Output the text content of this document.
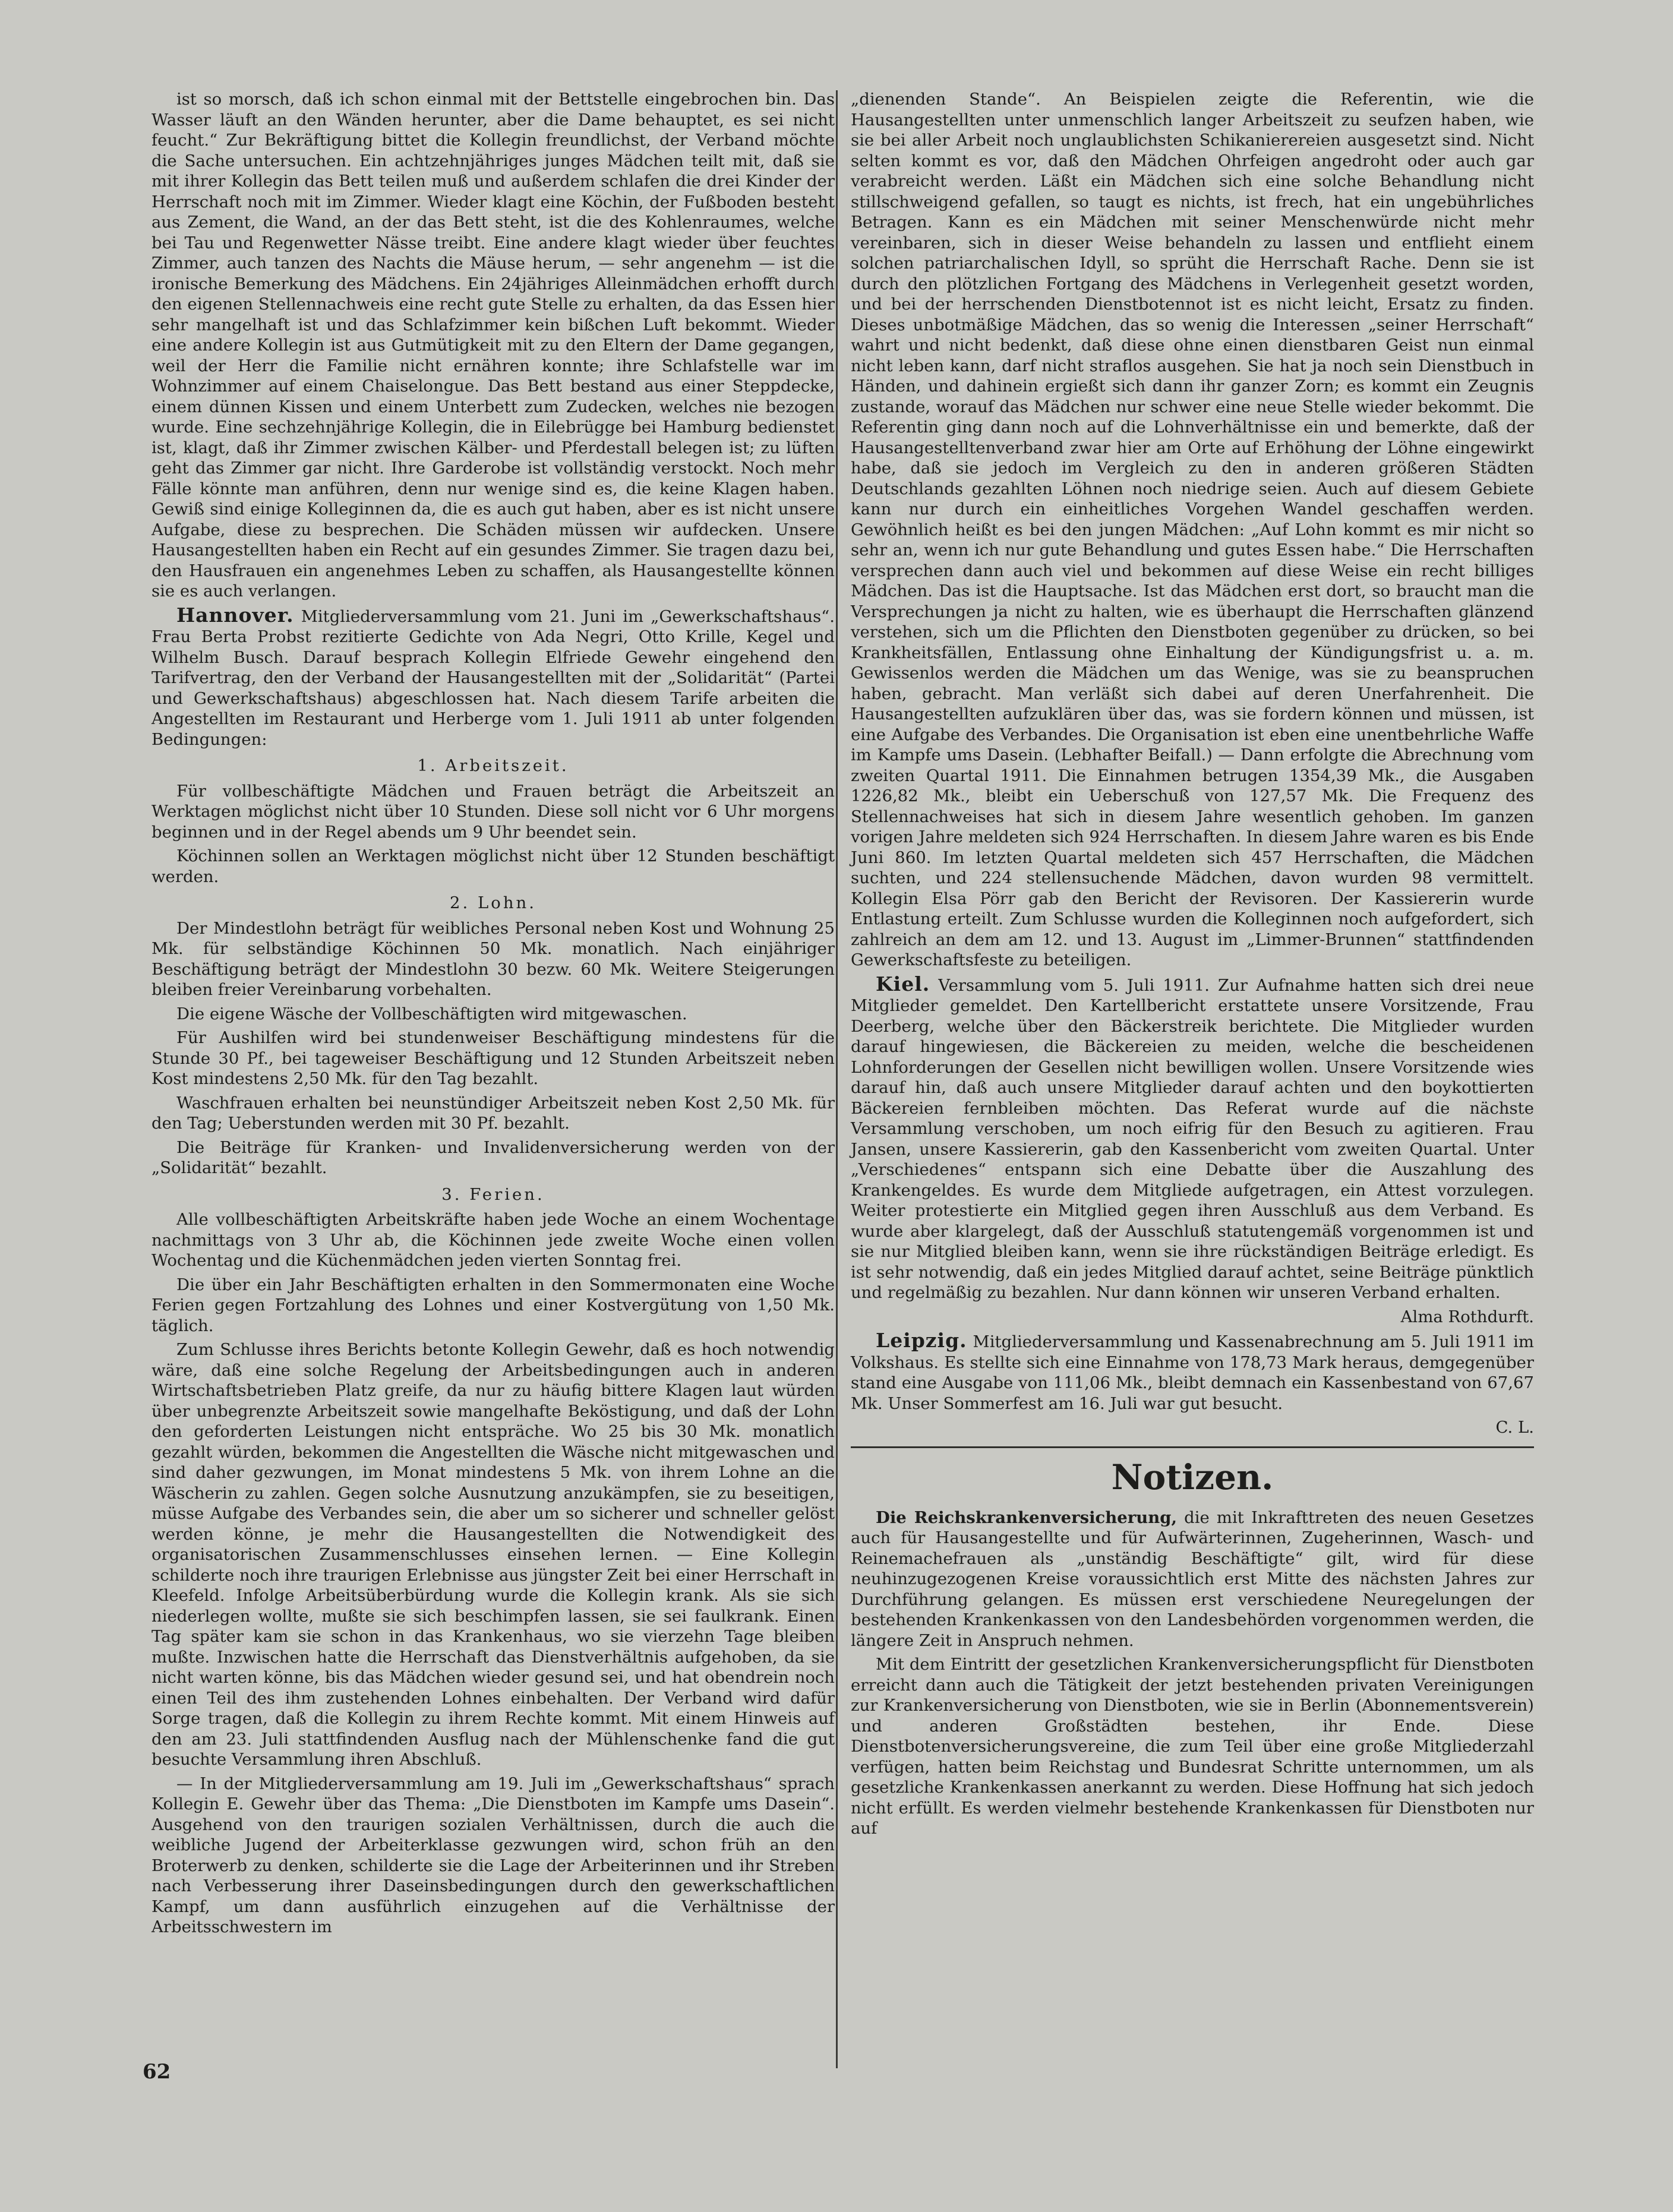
ist so morsch, daß ich schon einmal mit der Bettstelle eingebrochen bin. Das Wasser läuft an den Wänden herunter, aber die Dame behauptet, es sei nicht feucht.“ Zur Bekräftigung bittet die Kollegin freundlichst, der Verband möchte die Sache untersuchen. Ein achtzehnjähriges junges Mädchen teilt mit, daß sie mit ihrer Kollegin das Bett teilen muß und außerdem schlafen die drei Kinder der Herrschaft noch mit im Zimmer. Wieder klagt eine Köchin, der Fußboden besteht aus Zement, die Wand, an der das Bett steht, ist die des Kohlenraumes, welche bei Tau und Regenwetter Nässe treibt. Eine andere klagt wieder über feuchtes Zimmer, auch tanzen des Nachts die Mäuse herum, — sehr angenehm — ist die ironische Bemerkung des Mädchens. Ein 24jähriges Alleinmädchen erhofft durch den eigenen Stellennachweis eine recht gute Stelle zu erhalten, da das Essen hier sehr mangelhaft ist und das Schlafzimmer kein bißchen Luft bekommt. Wieder eine andere Kollegin ist aus Gutmütigkeit mit zu den Eltern der Dame gegangen, weil der Herr die Familie nicht ernähren konnte; ihre Schlafstelle war im Wohnzimmer auf einem Chaiselongue. Das Bett bestand aus einer Steppdecke, einem dünnen Kissen und einem Unterbett zum Zudecken, welches nie bezogen wurde. Eine sechzehnjährige Kollegin, die in Eilebrügge bei Hamburg bedienstet ist, klagt, daß ihr Zimmer zwischen Kälber- und Pferdestall belegen ist; zu lüften geht das Zimmer gar nicht. Ihre Garderobe ist vollständig verstockt. Noch mehr Fälle könnte man anführen, denn nur wenige sind es, die keine Klagen haben. Gewiß sind einige Kolleginnen da, die es auch gut haben, aber es ist nicht unsere Aufgabe, diese zu besprechen. Die Schäden müssen wir aufdecken. Unsere Hausangestellten haben ein Recht auf ein gesundes Zimmer. Sie tragen dazu bei, den Hausfrauen ein angenehmes Leben zu schaffen, als Hausangestellte können sie es auch verlangen.

Hannover. Mitgliederversammlung vom 21. Juni im „Gewerkschaftshaus“. Frau Berta Probst rezitierte Gedichte von Ada Negri, Otto Krille, Kegel und Wilhelm Busch. Darauf besprach Kollegin Elfriede Gewehr eingehend den Tarifvertrag, den der Verband der Hausangestellten mit der „Solidarität“ (Partei und Gewerkschaftshaus) abgeschlossen hat. Nach diesem Tarife arbeiten die Angestellten im Restaurant und Herberge vom 1. Juli 1911 ab unter folgenden Bedingungen:

1. Arbeitszeit.

Für vollbeschäftigte Mädchen und Frauen beträgt die Arbeitszeit an Werktagen möglichst nicht über 10 Stunden. Diese soll nicht vor 6 Uhr morgens beginnen und in der Regel abends um 9 Uhr beendet sein.

Köchinnen sollen an Werktagen möglichst nicht über 12 Stunden beschäftigt werden.

2. Lohn.

Der Mindestlohn beträgt für weibliches Personal neben Kost und Wohnung 25 Mk. für selbständige Köchinnen 50 Mk. monatlich. Nach einjähriger Beschäftigung beträgt der Mindestlohn 30 bezw. 60 Mk. Weitere Steigerungen bleiben freier Vereinbarung vorbehalten.

Die eigene Wäsche der Vollbeschäftigten wird mitgewaschen.

Für Aushilfen wird bei stundenweiser Beschäftigung mindestens für die Stunde 30 Pf., bei tageweiser Beschäftigung und 12 Stunden Arbeitszeit neben Kost mindestens 2,50 Mk. für den Tag bezahlt.

Waschfrauen erhalten bei neunstündiger Arbeitszeit neben Kost 2,50 Mk. für den Tag; Ueberstunden werden mit 30 Pf. bezahlt.

Die Beiträge für Kranken- und Invalidenversicherung werden von der „Solidarität“ bezahlt.

3. Ferien.

Alle vollbeschäftigten Arbeitskräfte haben jede Woche an einem Wochentage nachmittags von 3 Uhr ab, die Köchinnen jede zweite Woche einen vollen Wochentag und die Küchenmädchen jeden vierten Sonntag frei.

Die über ein Jahr Beschäftigten erhalten in den Sommermonaten eine Woche Ferien gegen Fortzahlung des Lohnes und einer Kostvergütung von 1,50 Mk. täglich.

Zum Schlusse ihres Berichts betonte Kollegin Gewehr, daß es hoch notwendig wäre, daß eine solche Regelung der Arbeitsbedingungen auch in anderen Wirtschaftsbetrieben Platz greife, da nur zu häufig bittere Klagen laut würden über unbegrenzte Arbeitszeit sowie mangelhafte Beköstigung, und daß der Lohn den geforderten Leistungen nicht entspräche. Wo 25 bis 30 Mk. monatlich gezahlt würden, bekommen die Angestellten die Wäsche nicht mitgewaschen und sind daher gezwungen, im Monat mindestens 5 Mk. von ihrem Lohne an die Wäscherin zu zahlen. Gegen solche Ausnutzung anzukämpfen, sie zu beseitigen, müsse Aufgabe des Verbandes sein, die aber um so sicherer und schneller gelöst werden könne, je mehr die Hausangestellten die Notwendigkeit des organisatorischen Zusammenschlusses einsehen lernen. — Eine Kollegin schilderte noch ihre traurigen Erlebnisse aus jüngster Zeit bei einer Herrschaft in Kleefeld. Infolge Arbeitsüberbürdung wurde die Kollegin krank. Als sie sich niederlegen wollte, mußte sie sich beschimpfen lassen, sie sei faulkrank. Einen Tag später kam sie schon in das Krankenhaus, wo sie vierzehn Tage bleiben mußte. Inzwischen hatte die Herrschaft das Dienstverhältnis aufgehoben, da sie nicht warten könne, bis das Mädchen wieder gesund sei, und hat obendrein noch einen Teil des ihm zustehenden Lohnes einbehalten. Der Verband wird dafür Sorge tragen, daß die Kollegin zu ihrem Rechte kommt. Mit einem Hinweis auf den am 23. Juli stattfindenden Ausflug nach der Mühlenschenke fand die gut besuchte Versammlung ihren Abschluß.

— In der Mitgliederversammlung am 19. Juli im „Gewerkschaftshaus“ sprach Kollegin E. Gewehr über das Thema: „Die Dienstboten im Kampfe ums Dasein“. Ausgehend von den traurigen sozialen Verhältnissen, durch die auch die weibliche Jugend der Arbeiterklasse gezwungen wird, schon früh an den Broterwerb zu denken, schilderte sie die Lage der Arbeiterinnen und ihr Streben nach Verbesserung ihrer Daseinsbedingungen durch den gewerkschaftlichen Kampf, um dann ausführlich einzugehen auf die Verhältnisse der Arbeitsschwestern im

„dienenden Stande“. An Beispielen zeigte die Referentin, wie die Hausangestellten unter unmenschlich langer Arbeitszeit zu seufzen haben, wie sie bei aller Arbeit noch unglaublichsten Schikanierereien ausgesetzt sind. Nicht selten kommt es vor, daß den Mädchen Ohrfeigen angedroht oder auch gar verabreicht werden. Läßt ein Mädchen sich eine solche Behandlung nicht stillschweigend gefallen, so taugt es nichts, ist frech, hat ein ungebührliches Betragen. Kann es ein Mädchen mit seiner Menschenwürde nicht mehr vereinbaren, sich in dieser Weise behandeln zu lassen und entflieht einem solchen patriarchalischen Idyll, so sprüht die Herrschaft Rache. Denn sie ist durch den plötzlichen Fortgang des Mädchens in Verlegenheit gesetzt worden, und bei der herrschenden Dienstbotennot ist es nicht leicht, Ersatz zu finden. Dieses unbotmäßige Mädchen, das so wenig die Interessen „seiner Herrschaft“ wahrt und nicht bedenkt, daß diese ohne einen dienstbaren Geist nun einmal nicht leben kann, darf nicht straflos ausgehen. Sie hat ja noch sein Dienstbuch in Händen, und dahinein ergießt sich dann ihr ganzer Zorn; es kommt ein Zeugnis zustande, worauf das Mädchen nur schwer eine neue Stelle wieder bekommt. Die Referentin ging dann noch auf die Lohnverhältnisse ein und bemerkte, daß der Hausangestelltenverband zwar hier am Orte auf Erhöhung der Löhne eingewirkt habe, daß sie jedoch im Vergleich zu den in anderen größeren Städten Deutschlands gezahlten Löhnen noch niedrige seien. Auch auf diesem Gebiete kann nur durch ein einheitliches Vorgehen Wandel geschaffen werden. Gewöhnlich heißt es bei den jungen Mädchen: „Auf Lohn kommt es mir nicht so sehr an, wenn ich nur gute Behandlung und gutes Essen habe.“ Die Herrschaften versprechen dann auch viel und bekommen auf diese Weise ein recht billiges Mädchen. Das ist die Hauptsache. Ist das Mädchen erst dort, so braucht man die Versprechungen ja nicht zu halten, wie es überhaupt die Herrschaften glänzend verstehen, sich um die Pflichten den Dienstboten gegenüber zu drücken, so bei Krankheitsfällen, Entlassung ohne Einhaltung der Kündigungsfrist u. a. m. Gewissenlos werden die Mädchen um das Wenige, was sie zu beanspruchen haben, gebracht. Man verläßt sich dabei auf deren Unerfahrenheit. Die Hausangestellten aufzuklären über das, was sie fordern können und müssen, ist eine Aufgabe des Verbandes. Die Organisation ist eben eine unentbehrliche Waffe im Kampfe ums Dasein. (Lebhafter Beifall.) — Dann erfolgte die Abrechnung vom zweiten Quartal 1911. Die Einnahmen betrugen 1354,39 Mk., die Ausgaben 1226,82 Mk., bleibt ein Ueberschuß von 127,57 Mk. Die Frequenz des Stellennachweises hat sich in diesem Jahre wesentlich gehoben. Im ganzen vorigen Jahre meldeten sich 924 Herrschaften. In diesem Jahre waren es bis Ende Juni 860. Im letzten Quartal meldeten sich 457 Herrschaften, die Mädchen suchten, und 224 stellensuchende Mädchen, davon wurden 98 vermittelt. Kollegin Elsa Pörr gab den Bericht der Revisoren. Der Kassiererin wurde Entlastung erteilt. Zum Schlusse wurden die Kolleginnen noch aufgefordert, sich zahlreich an dem am 12. und 13. August im „Limmer-Brunnen“ stattfindenden Gewerkschaftsfeste zu beteiligen.

Kiel. Versammlung vom 5. Juli 1911. Zur Aufnahme hatten sich drei neue Mitglieder gemeldet. Den Kartellbericht erstattete unsere Vorsitzende, Frau Deerberg, welche über den Bäckerstreik berichtete. Die Mitglieder wurden darauf hingewiesen, die Bäckereien zu meiden, welche die bescheidenen Lohnforderungen der Gesellen nicht bewilligen wollen. Unsere Vorsitzende wies darauf hin, daß auch unsere Mitglieder darauf achten und den boykottierten Bäckereien fernbleiben möchten. Das Referat wurde auf die nächste Versammlung verschoben, um noch eifrig für den Besuch zu agitieren. Frau Jansen, unsere Kassiererin, gab den Kassenbericht vom zweiten Quartal. Unter „Verschiedenes“ entspann sich eine Debatte über die Auszahlung des Krankengeldes. Es wurde dem Mitgliede aufgetragen, ein Attest vorzulegen. Weiter protestierte ein Mitglied gegen ihren Ausschluß aus dem Verband. Es wurde aber klargelegt, daß der Ausschluß statutengemäß vorgenommen ist und sie nur Mitglied bleiben kann, wenn sie ihre rückständigen Beiträge erledigt. Es ist sehr notwendig, daß ein jedes Mitglied darauf achtet, seine Beiträge pünktlich und regelmäßig zu bezahlen. Nur dann können wir unseren Verband erhalten.

Alma Rothdurft.

Leipzig. Mitgliederversammlung und Kassenabrechnung am 5. Juli 1911 im Volkshaus. Es stellte sich eine Einnahme von 178,73 Mark heraus, demgegenüber stand eine Ausgabe von 111,06 Mk., bleibt demnach ein Kassenbestand von 67,67 Mk. Unser Sommerfest am 16. Juli war gut besucht.

C. L.

Notizen.

Die Reichskrankenversicherung, die mit Inkrafttreten des neuen Gesetzes auch für Hausangestellte und für Aufwärterinnen, Zugeherinnen, Wasch- und Reinemachefrauen als „unständig Beschäftigte“ gilt, wird für diese neuhinzugezogenen Kreise voraussichtlich erst Mitte des nächsten Jahres zur Durchführung gelangen. Es müssen erst verschiedene Neuregelungen der bestehenden Krankenkassen von den Landesbehörden vorgenommen werden, die längere Zeit in Anspruch nehmen.

Mit dem Eintritt der gesetzlichen Krankenversicherungspflicht für Dienstboten erreicht dann auch die Tätigkeit der jetzt bestehenden privaten Vereinigungen zur Krankenversicherung von Dienstboten, wie sie in Berlin (Abonnementsverein) und anderen Großstädten bestehen, ihr Ende. Diese Dienstbotenversicherungsvereine, die zum Teil über eine große Mitgliederzahl verfügen, hatten beim Reichstag und Bundesrat Schritte unternommen, um als gesetzliche Krankenkassen anerkannt zu werden. Diese Hoffnung hat sich jedoch nicht erfüllt. Es werden vielmehr bestehende Krankenkassen für Dienstboten nur auf

62
